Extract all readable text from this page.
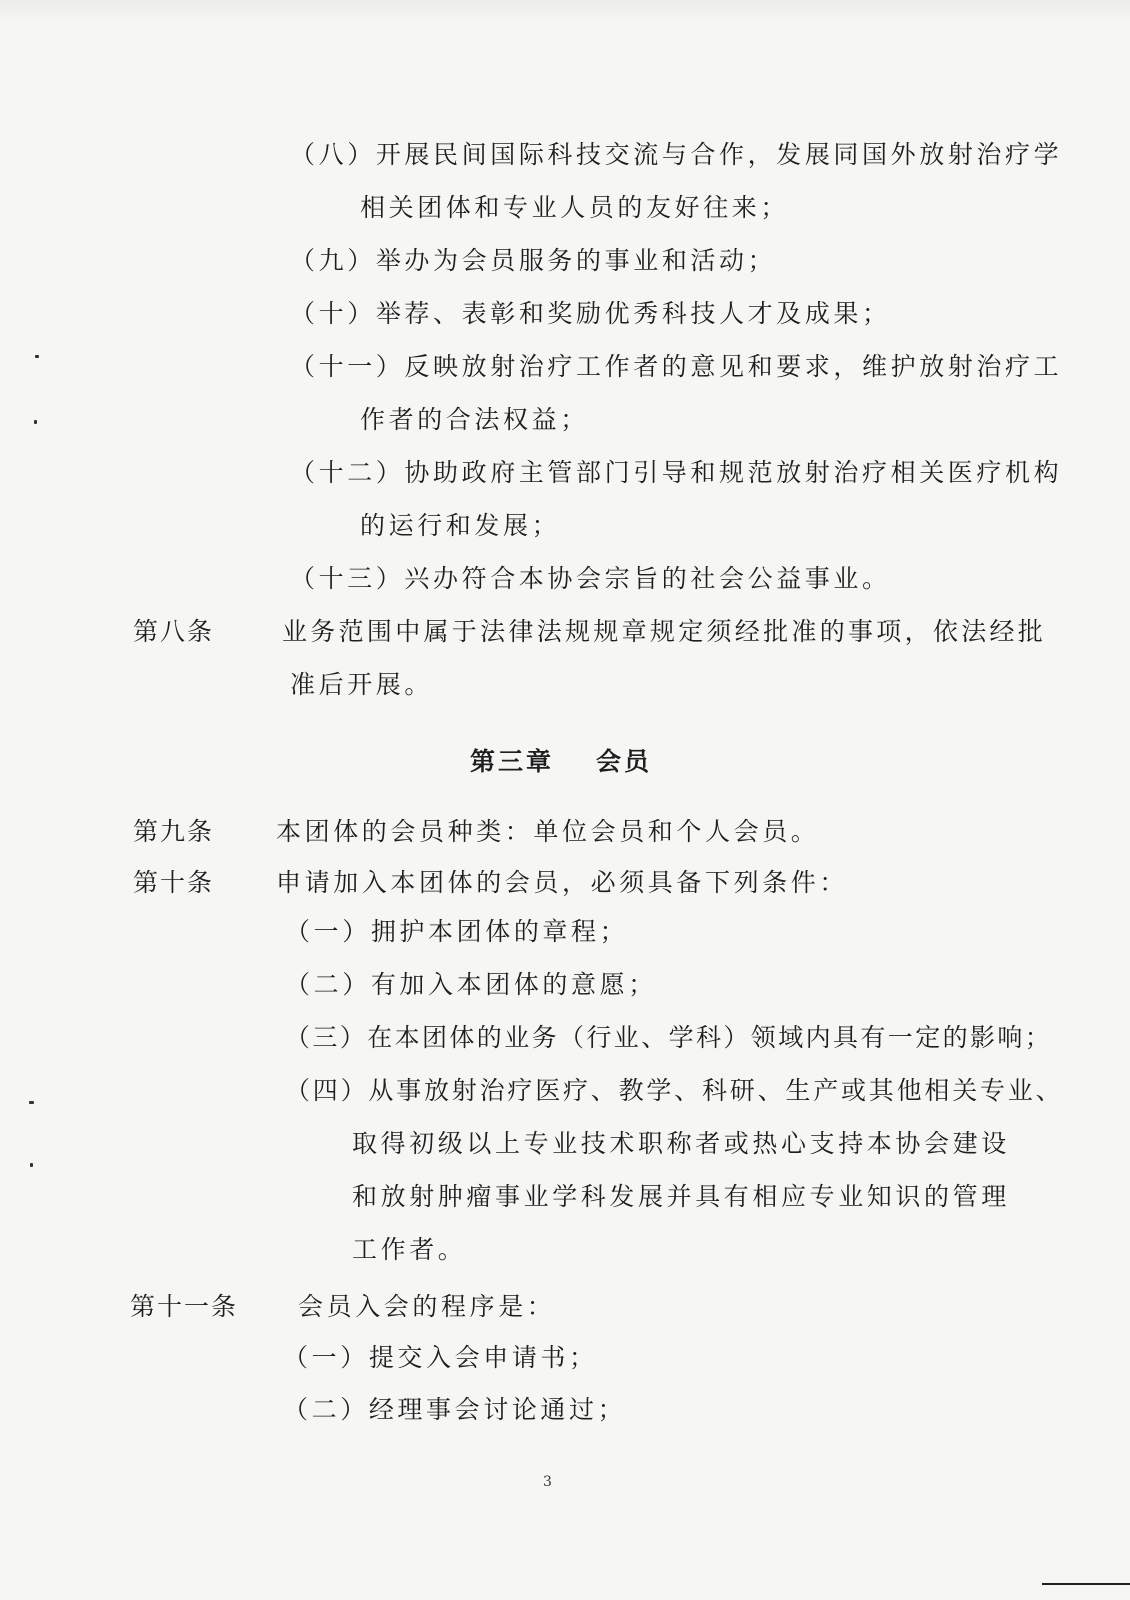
（八）开展民间国际科技交流与合作，发展同国外放射治疗学
相关团体和专业人员的友好往来；
（九）举办为会员服务的事业和活动；
（十）举荐、表彰和奖励优秀科技人才及成果；
（十一）反映放射治疗工作者的意见和要求，维护放射治疗工
作者的合法权益；
（十二）协助政府主管部门引导和规范放射治疗相关医疗机构
的运行和发展；
（十三）兴办符合本协会宗旨的社会公益事业。
第八条	业务范围中属于法律法规规章规定须经批准的事项，依法经批
准后开展。
第三章 会员
第九条 本团体的会员种类：单位会员和个人会员。
第十条 申请加入本团体的会员，必须具备下列条件：
（一）拥护本团体的章程；
（二）有加入本团体的意愿；
（三）在本团体的业务（行业、学科）领域内具有一定的影响；
（四）从事放射治疗医疗、教学、科研、生产或其他相关专业、
取得初级以上专业技术职称者或热心支持本协会建设
和放射肿瘤事业学科发展并具有相应专业知识的管理
工作者。
第十一条 会员入会的程序是：
（一）提交入会申请书；
（二）经理事会讨论通过；
3
